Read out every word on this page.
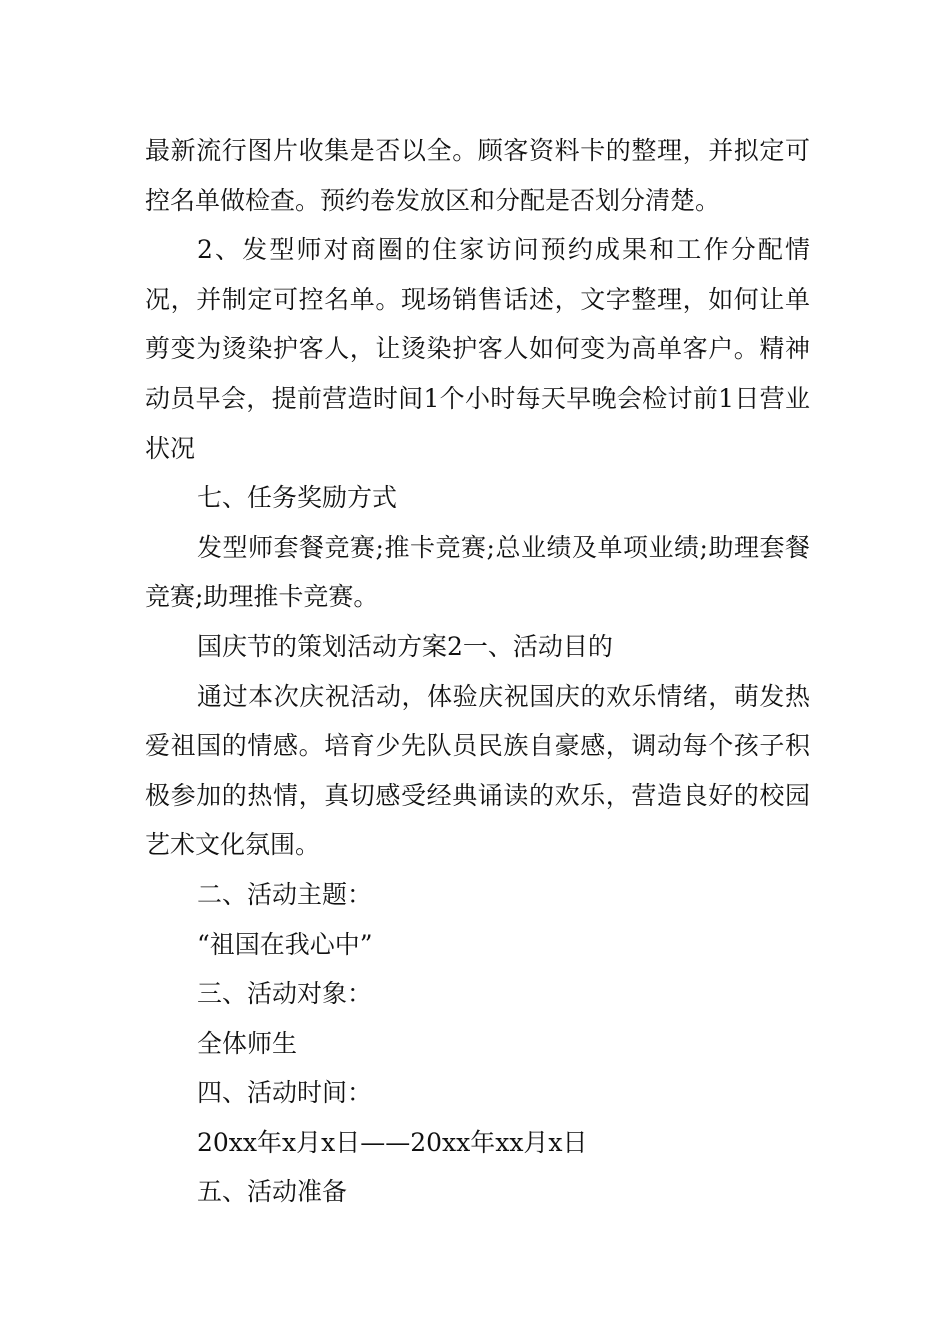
最新流行图片收集是否以全。顾客资料卡的整理，并拟定可控名单做检查。预约卷发放区和分配是否划分清楚。

2、发型师对商圈的住家访问预约成果和工作分配情况，并制定可控名单。现场销售话述，文字整理，如何让单剪变为烫染护客人，让烫染护客人如何变为高单客户。精神动员早会，提前营造时间1个小时每天早晚会检讨前1日营业状况

七、任务奖励方式

发型师套餐竞赛;推卡竞赛;总业绩及单项业绩;助理套餐竞赛;助理推卡竞赛。

国庆节的策划活动方案2一、活动目的

通过本次庆祝活动，体验庆祝国庆的欢乐情绪，萌发热爱祖国的情感。培育少先队员民族自豪感，调动每个孩子积极参加的热情，真切感受经典诵读的欢乐，营造良好的校园艺术文化氛围。

二、活动主题：

“祖国在我心中”

三、活动对象：

全体师生

四、活动时间：

20xx年x月x日——20xx年xx月x日

五、活动准备
